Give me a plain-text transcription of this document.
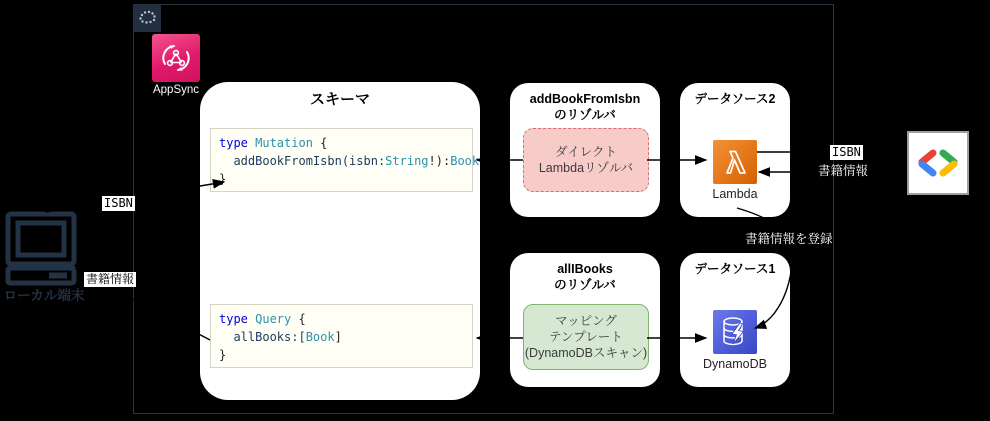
AppSync
スキーマ
type Mutation {
addBookFromIsbn(isbn:String!):Book
}
type Query {
allBooks:[Book]
}
addBookFromIsbn
のリゾルバ
ダイレクト
Lambdaリゾルバ
データソース2
Lambda
allIBooks
のリゾルバ
マッピング
テンプレート
(DynamoDBスキャン)
データソース1
DynamoDB
ローカル端末
ISBN
書籍情報
ISBN
書籍情報
書籍情報を登録
